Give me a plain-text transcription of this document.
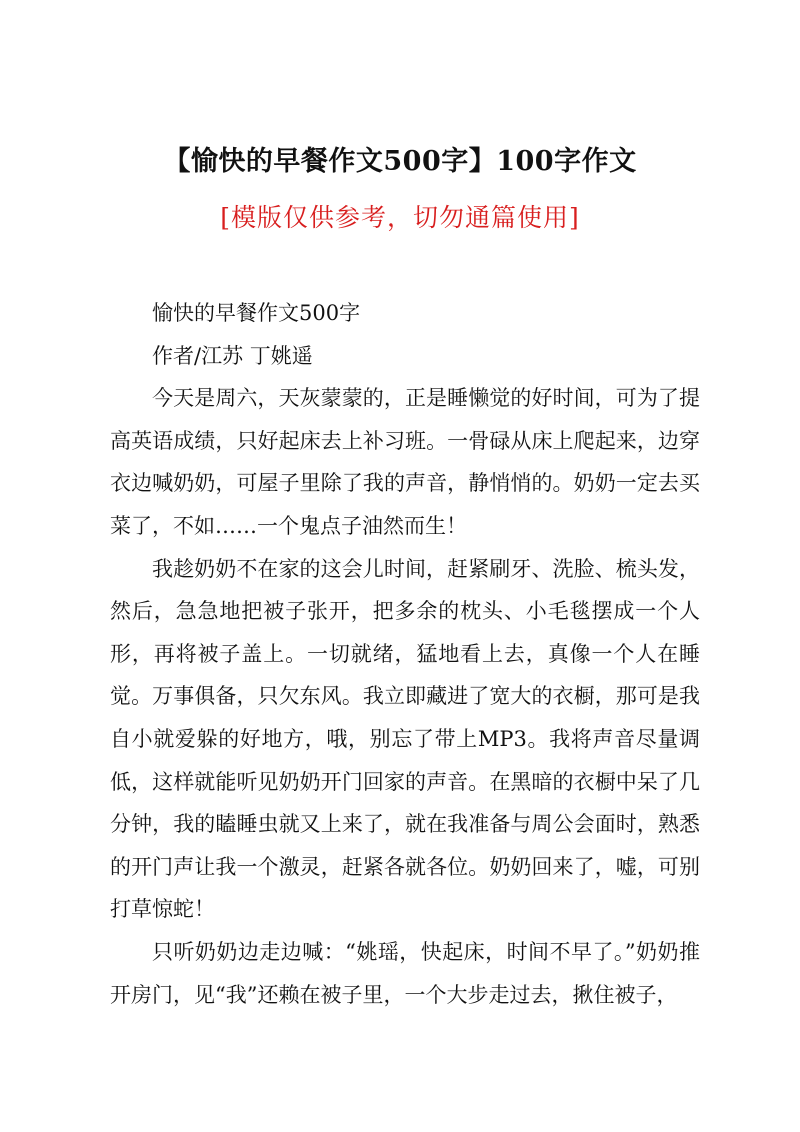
【愉快的早餐作文500字】100字作文
[模版仅供参考，切勿通篇使用]

愉快的早餐作文500字

作者/江苏 丁姚遥

今天是周六，天灰蒙蒙的，正是睡懒觉的好时间，可为了提高英语成绩，只好起床去上补习班。一骨碌从床上爬起来，边穿衣边喊奶奶，可屋子里除了我的声音，静悄悄的。奶奶一定去买菜了，不如……一个鬼点子油然而生！

我趁奶奶不在家的这会儿时间，赶紧刷牙、洗脸、梳头发，然后，急急地把被子张开，把多余的枕头、小毛毯摆成一个人形，再将被子盖上。一切就绪，猛地看上去，真像一个人在睡觉。万事俱备，只欠东风。我立即藏进了宽大的衣橱，那可是我自小就爱躲的好地方，哦，别忘了带上MP3。我将声音尽量调低，这样就能听见奶奶开门回家的声音。在黑暗的衣橱中呆了几分钟，我的瞌睡虫就又上来了，就在我准备与周公会面时，熟悉的开门声让我一个激灵，赶紧各就各位。奶奶回来了，嘘，可别打草惊蛇！

只听奶奶边走边喊：“姚瑶，快起床，时间不早了。”奶奶推开房门，见“我”还赖在被子里，一个大步走过去，揪住被子，
